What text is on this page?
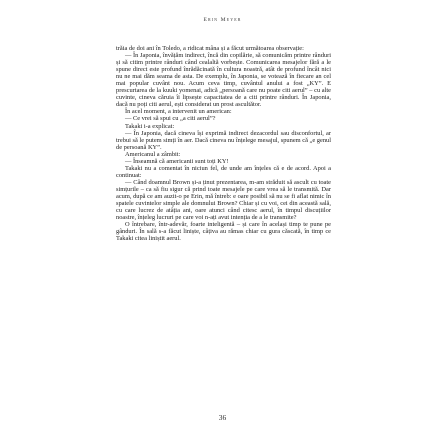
Erin Meyer

trăia de doi ani în Toledo, a ridicat mâna și a făcut următoarea observație:

— În Japonia, învățăm indirect, încă din copilărie, să comunicăm printre rânduri și să citim printre rânduri când cealaltă vorbește. Comunicarea mesajelor fără a le spune direct este profund înrădăcinată în cultura noastră, atât de profund încât nici nu ne mai dăm seama de asta. De exemplu, în Japonia, se votează în fiecare an cel mai popular cuvânt nou. Acum ceva timp, cuvântul anului a fost „KY”. E prescurtarea de la kuuki yomenai, adică „persoană care nu poate citi aerul” – cu alte cuvinte, cineva căruia îi lipsește capacitatea de a citi printre rânduri. În Japonia, dacă nu poți citi aerul, ești considerat un prost ascultător.

În acel moment, a intervenit un american:

— Ce vrei să spui cu „a citi aerul”?

Takaki i-a explicat:

— În Japonia, dacă cineva își exprimă indirect dezacordul sau disconfortul, ar trebui să le putem simți în aer. Dacă cineva nu înțelege mesajul, spunem că „e genul de persoană KY”.

Americanul a zâmbit:

— Înseamnă că americanii sunt toți KY!

Takaki nu a comentat în niciun fel, de unde am înțeles că e de acord. Apoi a continuat:

— Când doamnul Brown și-a ținut prezentarea, m-am străduit să ascult cu toate simțurile – ca să fiu sigur că prind toate mesajele pe care vrea să le transmită. Dar acum, după ce am auzit-o pe Erin, mă întreb: e oare posibil să nu se fi aflat nimic în spatele cuvintelor simple ale domnului Brown? Chiar și cu voi, cei din această sală, cu care lucrez de atâția ani, oare atunci când citesc aerul, în timpul discuțiilor noastre, înțeleg lucruri pe care voi n-ați avut intenția de a le transmite?

O întrebare, într-adevăr, foarte inteligentă – și care în același timp te pune pe gânduri. În sală s-a făcut liniște, câțiva au rămas chiar cu gura căscată, în timp ce Takaki citea liniștit aerul.

36
